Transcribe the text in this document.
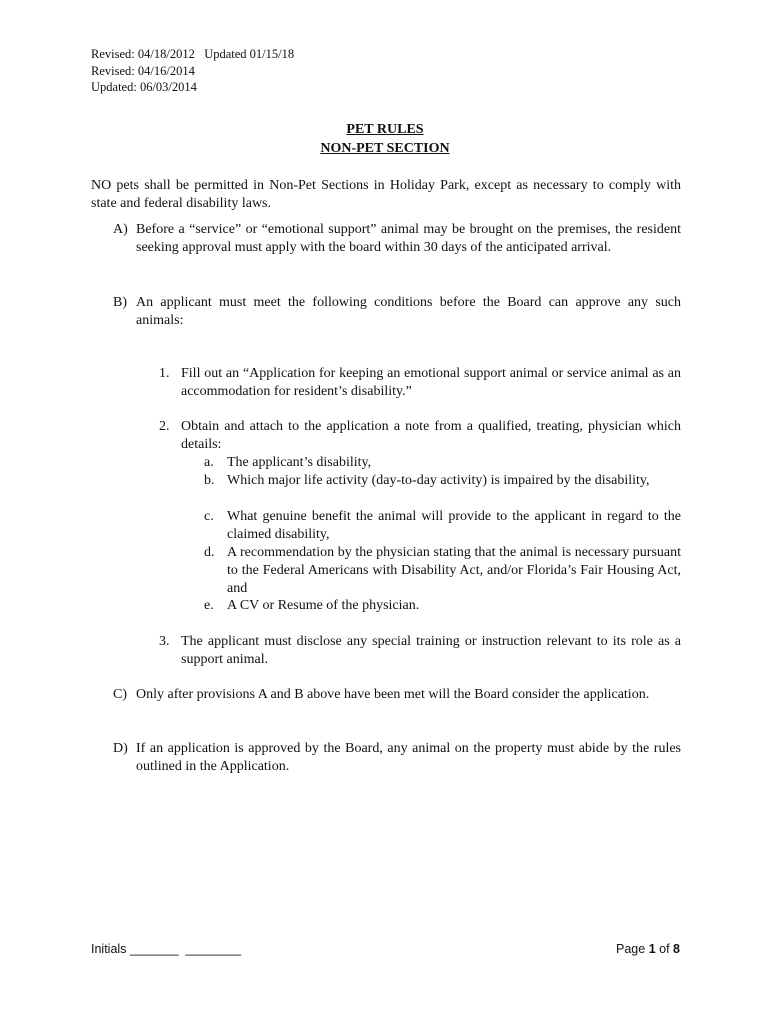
Revised: 04/18/2012   Updated 01/15/18
Revised: 04/16/2014
Updated: 06/03/2014
PET RULES
NON-PET SECTION
NO pets shall be permitted in Non-Pet Sections in Holiday Park, except as necessary to comply with state and federal disability laws.
A) Before a “service” or “emotional support” animal may be brought on the premises, the resident seeking approval must apply with the board within 30 days of the anticipated arrival.
B) An applicant must meet the following conditions before the Board can approve any such animals:
1. Fill out an “Application for keeping an emotional support animal or service animal as an accommodation for resident’s disability.”
2. Obtain and attach to the application a note from a qualified, treating, physician which details:
a. The applicant’s disability,
b. Which major life activity (day-to-day activity) is impaired by the disability,
c. What genuine benefit the animal will provide to the applicant in regard to the claimed disability,
d. A recommendation by the physician stating that the animal is necessary pursuant to the Federal Americans with Disability Act, and/or Florida’s Fair Housing Act, and
e. A CV or Resume of the physician.
3. The applicant must disclose any special training or instruction relevant to its role as a support animal.
C) Only after provisions A and B above have been met will the Board consider the application.
D) If an application is approved by the Board, any animal on the property must abide by the rules outlined in the Application.
Initials _______  ________	Page 1 of 8
